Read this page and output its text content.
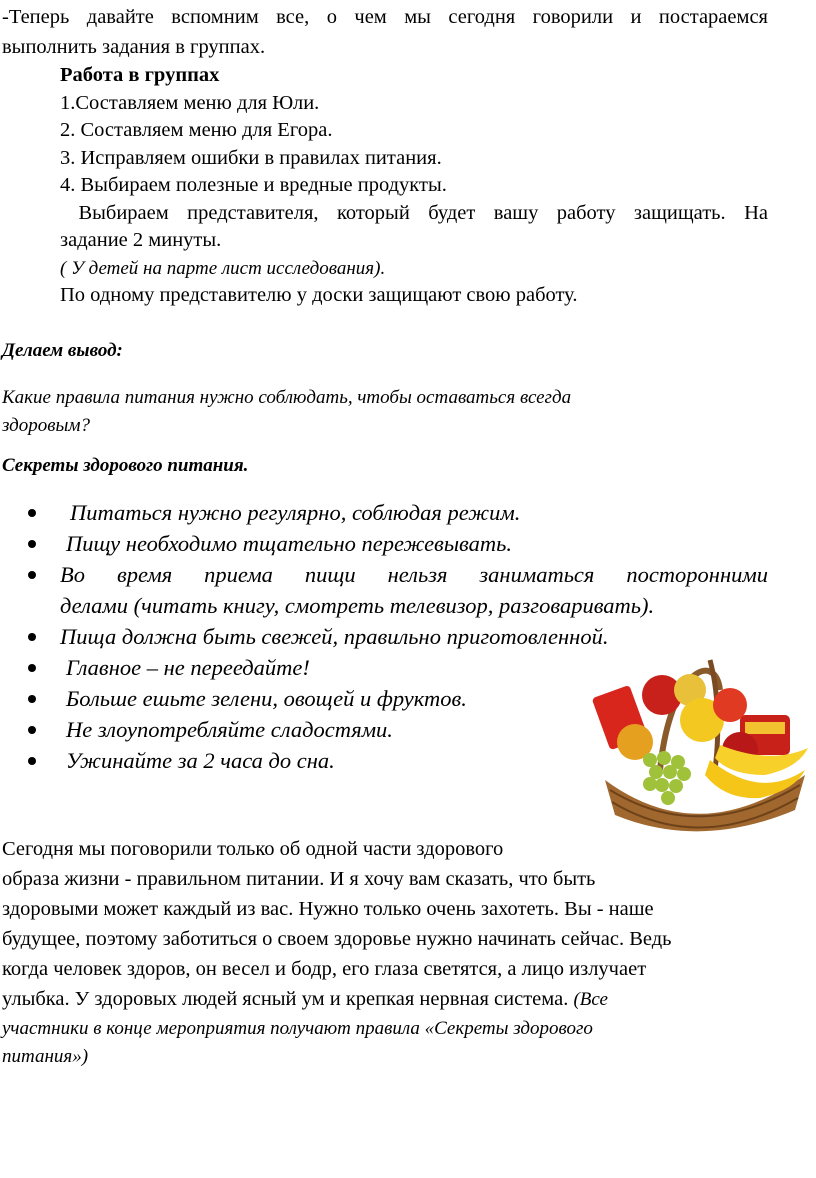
-Теперь давайте вспомним все, о чем мы сегодня говорили и постараемся
выполнить задания в группах.
Работа в группах
1.Составляем меню для Юли.
2. Составляем меню для Егора.
3. Исправляем ошибки в правилах питания.
4. Выбираем полезные и вредные продукты.
Выбираем представителя, который будет вашу работу защищать. На
задание 2 минуты.
( У детей на парте лист исследования).
По одному представителю у доски защищают свою работу.
Делаем вывод:
Какие правила питания нужно соблюдать, чтобы оставаться всегда
здоровым?
Секреты здорового питания.
Питаться нужно регулярно, соблюдая режим.
Пищу необходимо тщательно пережевывать.
Во время приема пищи нельзя заниматься посторонними
делами (читать книгу, смотреть телевизор, разговаривать).
Пища должна быть свежей, правильно приготовленной.
Главное – не переедайте!
Больше ешьте зелени, овощей и фруктов.
Не злоупотребляйте сладостями.
Ужинайте за 2 часа до сна.
Сегодня мы поговорили только об одной части здорового
образа жизни - правильном питании. И я хочу вам сказать, что быть
здоровыми может каждый из вас. Нужно только очень захотеть. Вы - наше
будущее, поэтому заботиться о своем здоровье нужно начинать сейчас. Ведь
когда человек здоров, он весел и бодр, его глаза светятся, а лицо излучает
улыбка. У здоровых людей ясный ум и крепкая нервная система. (Все
участники в конце мероприятия получают правила «Секреты здорового
питания»)
